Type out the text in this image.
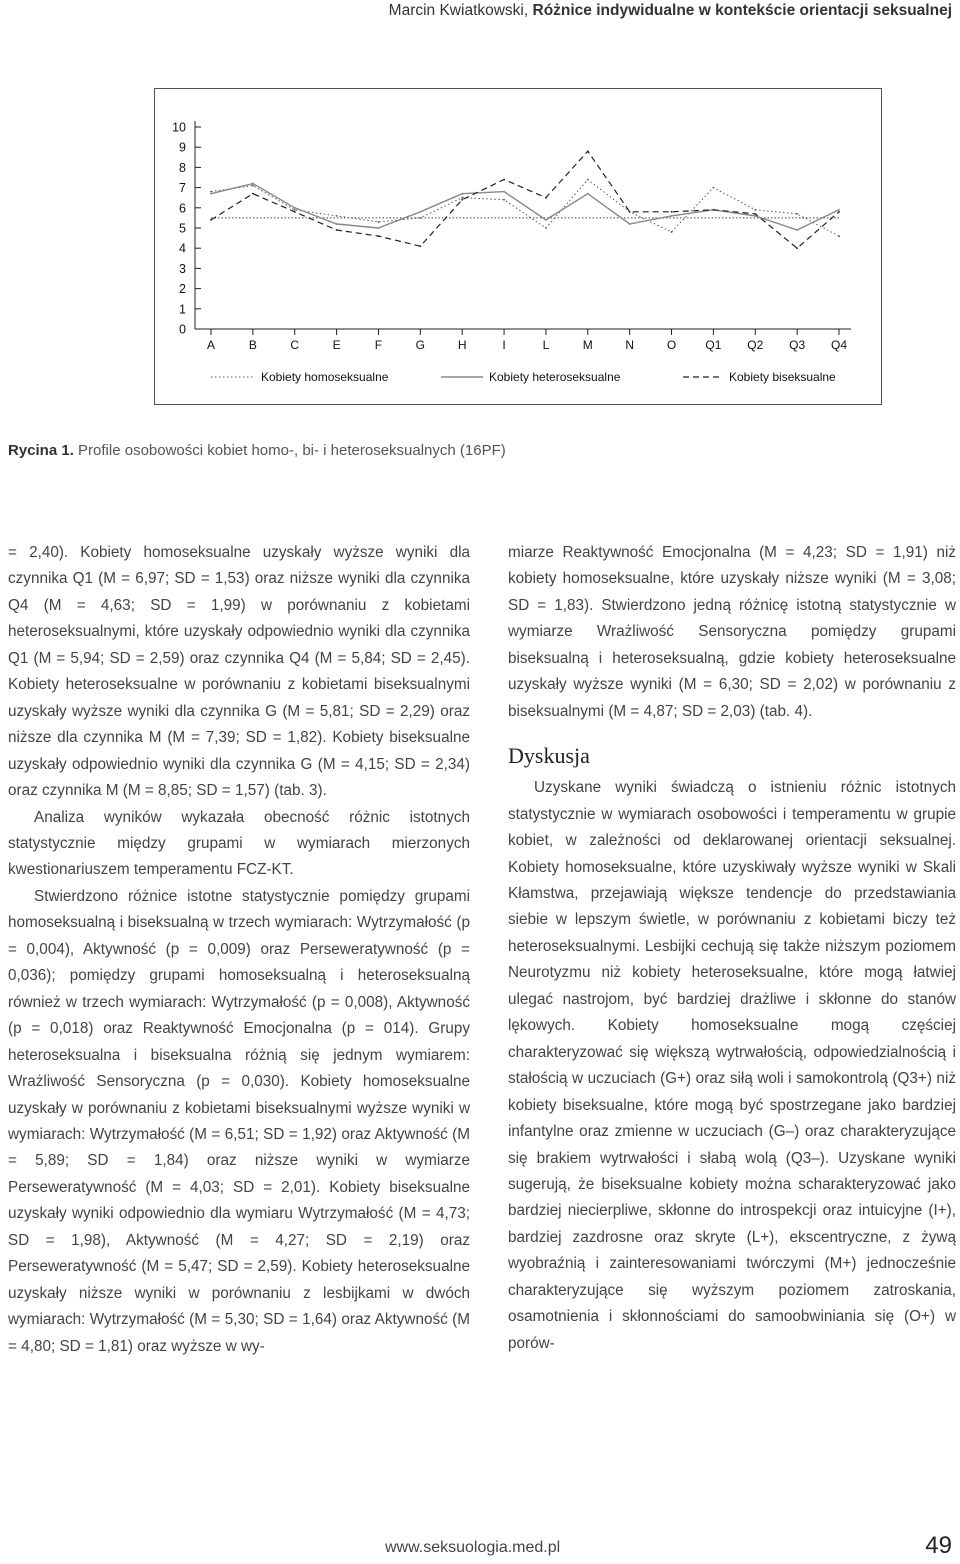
Marcin Kwiatkowski, Różnice indywidualne w kontekście orientacji seksualnej
0
1
2
3
4
5
6
7
8
9
10
A	B	C	E	F	G	H	I	L	M	N	O Q1 Q2 Q3 Q4
Kobiety homoseksualne	Kobiety heteroseksualne	Kobiety biseksualne
Rycina 1. Profile osobowości kobiet homo-, bi- i heteroseksualnych (16PF)

= 2,40). Kobiety homoseksualne uzyskały wyższe wyniki dla czynnika Q1 (M = 6,97; SD = 1,53) oraz niższe wyniki dla czynnika Q4 (M = 4,63; SD = 1,99) w porównaniu z kobietami heteroseksualnymi, które uzyskały odpowiednio wyniki dla czynnika Q1 (M = 5,94; SD = 2,59) oraz czynnika Q4 (M = 5,84; SD = 2,45). Kobiety heteroseksualne w porównaniu z kobietami biseksualnymi uzyskały wyższe wyniki dla czynnika G (M = 5,81; SD = 2,29) oraz niższe dla czynnika M (M = 7,39; SD = 1,82). Kobiety biseksualne uzyskały odpowiednio wyniki dla czynnika G (M = 4,15; SD = 2,34) oraz czynnika M (M = 8,85; SD = 1,57) (tab. 3).

Analiza wyników wykazała obecność różnic istotnych statystycznie między grupami w wymiarach mierzonych kwestionariuszem temperamentu FCZ-KT.

Stwierdzono różnice istotne statystycznie pomiędzy grupami homoseksualną i biseksualną w trzech wymiarach: Wytrzymałość (p = 0,004), Aktywność (p = 0,009) oraz Perseweratywność (p = 0,036); pomiędzy grupami homoseksualną i heteroseksualną również w trzech wymiarach: Wytrzymałość (p = 0,008), Aktywność (p = 0,018) oraz Reaktywność Emocjonalna (p = 014). Grupy heteroseksualna i biseksualna różnią się jednym wymiarem: Wrażliwość Sensoryczna (p = 0,030). Kobiety homoseksualne uzyskały w porównaniu z kobietami biseksualnymi wyższe wyniki w wymiarach: Wytrzymałość (M = 6,51; SD = 1,92) oraz Aktywność (M = 5,89; SD = 1,84) oraz niższe wyniki w wymiarze Perseweratywność (M = 4,03; SD = 2,01). Kobiety biseksualne uzyskały wyniki odpowiednio dla wymiaru Wytrzymałość (M = 4,73; SD = 1,98), Aktywność (M = 4,27; SD = 2,19) oraz Perseweratywność (M = 5,47; SD = 2,59). Kobiety heteroseksualne uzyskały niższe wyniki w porównaniu z lesbijkami w dwóch wymiarach: Wytrzymałość (M = 5,30; SD = 1,64) oraz Aktywność (M = 4,80; SD = 1,81) oraz wyższe w wy-

miarze Reaktywność Emocjonalna (M = 4,23; SD = 1,91) niż kobiety homoseksualne, które uzyskały niższe wyniki (M = 3,08; SD = 1,83). Stwierdzono jedną różnicę istotną statystycznie w wymiarze Wrażliwość Sensoryczna pomiędzy grupami biseksualną i heteroseksualną, gdzie kobiety heteroseksualne uzyskały wyższe wyniki (M = 6,30; SD = 2,02) w porównaniu z biseksualnymi (M = 4,87; SD = 2,03) (tab. 4).

Dyskusja

Uzyskane wyniki świadczą o istnieniu różnic istotnych statystycznie w wymiarach osobowości i temperamentu w grupie kobiet, w zależności od deklarowanej orientacji seksualnej. Kobiety homoseksualne, które uzyskiwały wyższe wyniki w Skali Kłamstwa, przejawiają większe tendencje do przedstawiania siebie w lepszym świetle, w porównaniu z kobietami biczy też heteroseksualnymi. Lesbijki cechują się także niższym poziomem Neurotyzmu niż kobiety heteroseksualne, które mogą łatwiej ulegać nastrojom, być bardziej drażliwe i skłonne do stanów lękowych. Kobiety homoseksualne mogą częściej charakteryzować się większą wytrwałością, odpowiedzialnością i stałością w uczuciach (G+) oraz siłą woli i samokontrolą (Q3+) niż kobiety biseksualne, które mogą być spostrzegane jako bardziej infantylne oraz zmienne w uczuciach (G–) oraz charakteryzujące się brakiem wytrwałości i słabą wolą (Q3–). Uzyskane wyniki sugerują, że biseksualne kobiety można scharakteryzować jako bardziej niecierpliwe, skłonne do introspekcji oraz intuicyjne (I+), bardziej zazdrosne oraz skryte (L+), ekscentryczne, z żywą wyobraźnią i zainteresowaniami twórczymi (M+) jednocześnie charakteryzujące się wyższym poziomem zatroskania, osamotnienia i skłonnościami do samoobwiniania się (O+) w porów-

www.seksuologia.med.pl	49
